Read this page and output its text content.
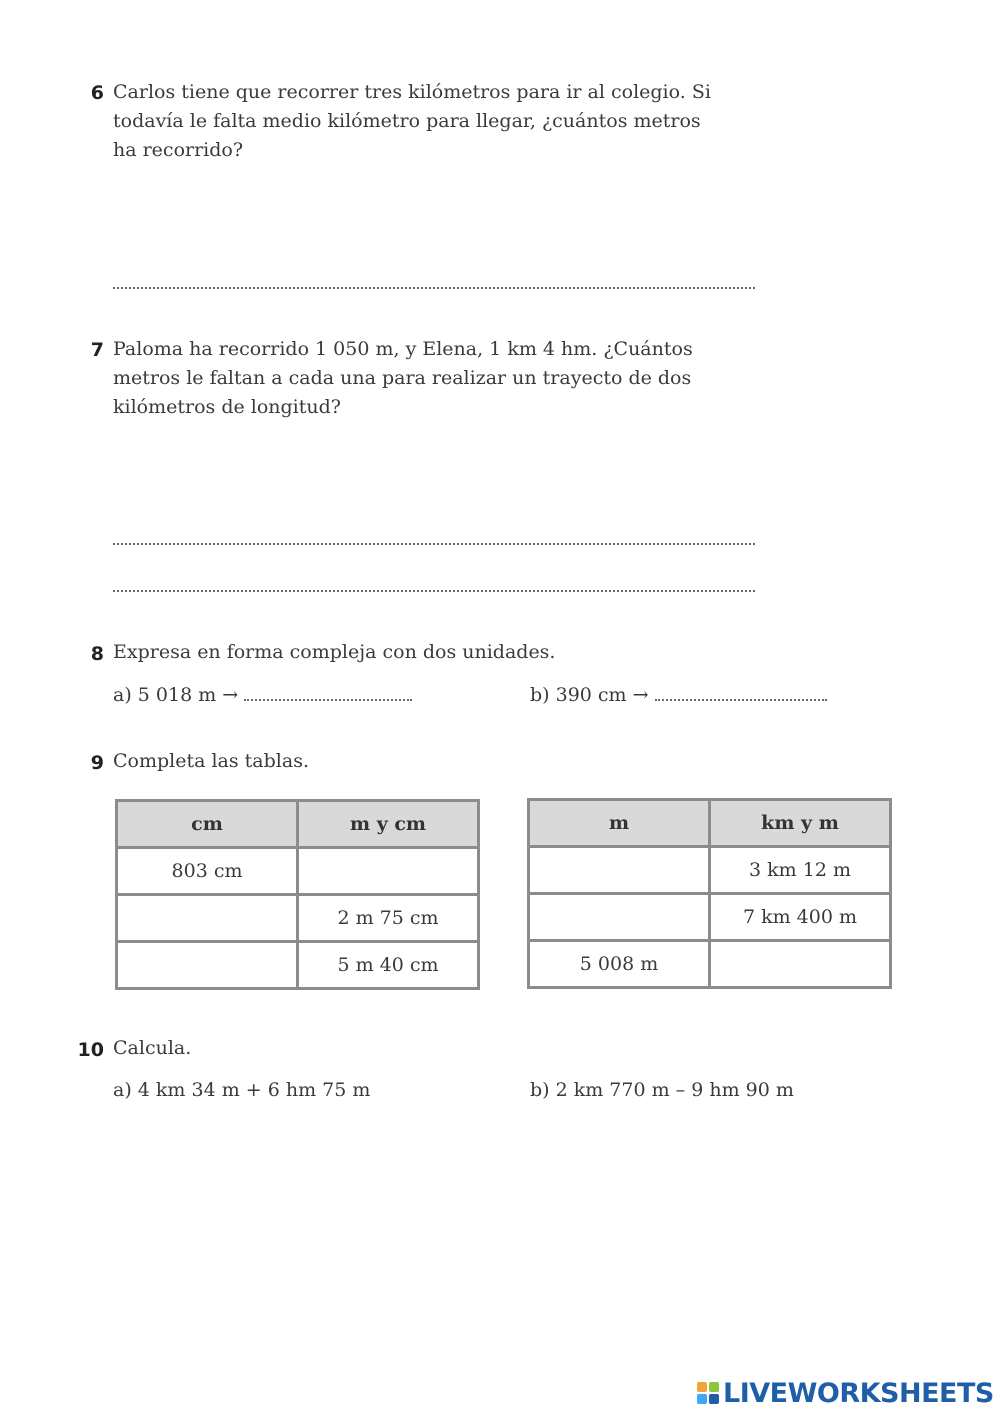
6 Carlos tiene que recorrer tres kilómetros para ir al colegio. Si
todavía le falta medio kilómetro para llegar, ¿cuántos metros
ha recorrido?
7 Paloma ha recorrido 1 050 m, y Elena, 1 km 4 hm. ¿Cuántos
metros le faltan a cada una para realizar un trayecto de dos
kilómetros de longitud?
8 Expresa en forma compleja con dos unidades.
a) 5 018 m →	b) 390 cm →
9 Completa las tablas.
cm	m y cm
803 cm	
	2 m 75 cm
	5 m 40 cm
m	km y m
	3 km 12 m
	7 km 400 m
5 008 m	
10 Calcula.
a) 4 km 34 m + 6 hm 75 m	b) 2 km 770 m – 9 hm 90 m
LIVEWORKSHEETS
